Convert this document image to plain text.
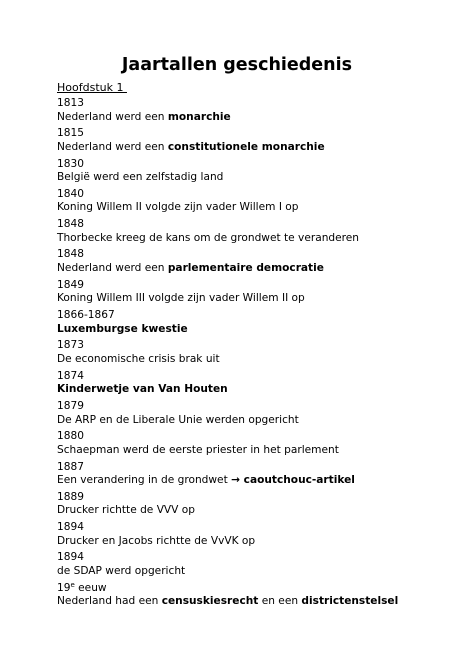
Jaartallen geschiedenis
Hoofdstuk 1
1813
Nederland werd een monarchie
1815
Nederland werd een constitutionele monarchie
1830
België werd een zelfstadig land
1840
Koning Willem II volgde zijn vader Willem I op
1848
Thorbecke kreeg de kans om de grondwet te veranderen
1848
Nederland werd een parlementaire democratie
1849
Koning Willem III volgde zijn vader Willem II op
1866-1867
Luxemburgse kwestie
1873
De economische crisis brak uit
1874
Kinderwetje van Van Houten
1879
De ARP en de Liberale Unie werden opgericht
1880
Schaepman werd de eerste priester in het parlement
1887
Een verandering in de grondwet → caoutchouc-artikel
1889
Drucker richtte de VVV op
1894
Drucker en Jacobs richtte de VvVK op
1894
de SDAP werd opgericht
19e eeuw
Nederland had een censuskiesrecht en een districtenstelsel
